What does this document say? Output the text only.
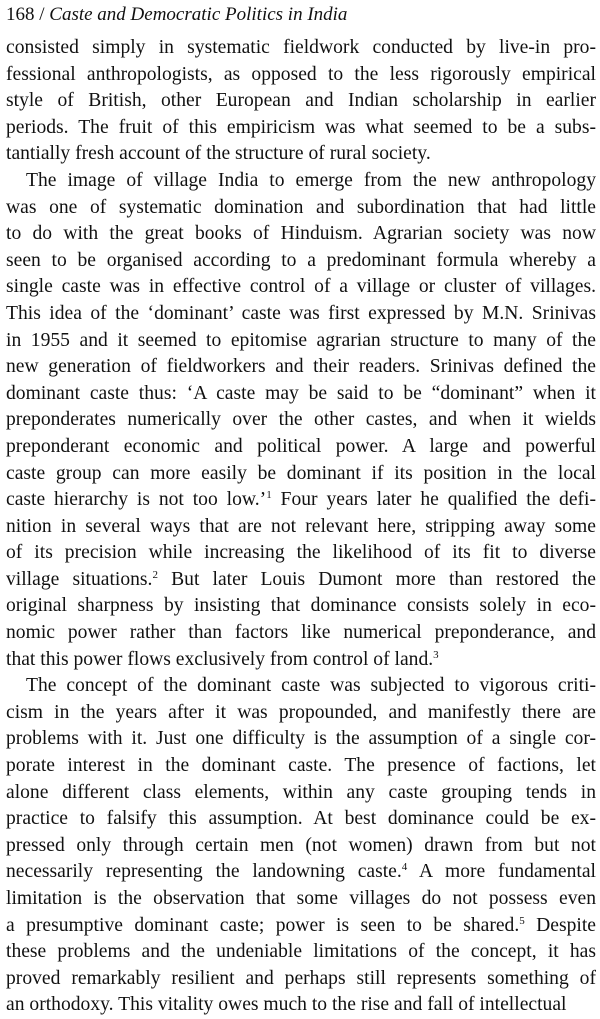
168 / Caste and Democratic Politics in India
consisted simply in systematic fieldwork conducted by live-in pro-
fessional anthropologists, as opposed to the less rigorously empirical
style of British, other European and Indian scholarship in earlier
periods. The fruit of this empiricism was what seemed to be a subs-
tantially fresh account of the structure of rural society.
The image of village India to emerge from the new anthropology
was one of systematic domination and subordination that had little
to do with the great books of Hinduism. Agrarian society was now
seen to be organised according to a predominant formula whereby a
single caste was in effective control of a village or cluster of villages.
This idea of the ‘dominant’ caste was first expressed by M.N. Srinivas
in 1955 and it seemed to epitomise agrarian structure to many of the
new generation of fieldworkers and their readers. Srinivas defined the
dominant caste thus: ‘A caste may be said to be “dominant” when it
preponderates numerically over the other castes, and when it wields
preponderant economic and political power. A large and powerful
caste group can more easily be dominant if its position in the local
caste hierarchy is not too low.’$^1$ Four years later he qualified the defi-
nition in several ways that are not relevant here, stripping away some
of its precision while increasing the likelihood of its fit to diverse
village situations.$^2$ But later Louis Dumont more than restored the
original sharpness by insisting that dominance consists solely in eco-
nomic power rather than factors like numerical preponderance, and
that this power flows exclusively from control of land.$^3$
The concept of the dominant caste was subjected to vigorous criti-
cism in the years after it was propounded, and manifestly there are
problems with it. Just one difficulty is the assumption of a single cor-
porate interest in the dominant caste. The presence of factions, let
alone different class elements, within any caste grouping tends in
practice to falsify this assumption. At best dominance could be ex-
pressed only through certain men (not women) drawn from but not
necessarily representing the landowning caste.$^4$ A more fundamental
limitation is the observation that some villages do not possess even
a presumptive dominant caste; power is seen to be shared.$^5$ Despite
these problems and the undeniable limitations of the concept, it has
proved remarkably resilient and perhaps still represents something of
an orthodoxy. This vitality owes much to the rise and fall of intellectual
